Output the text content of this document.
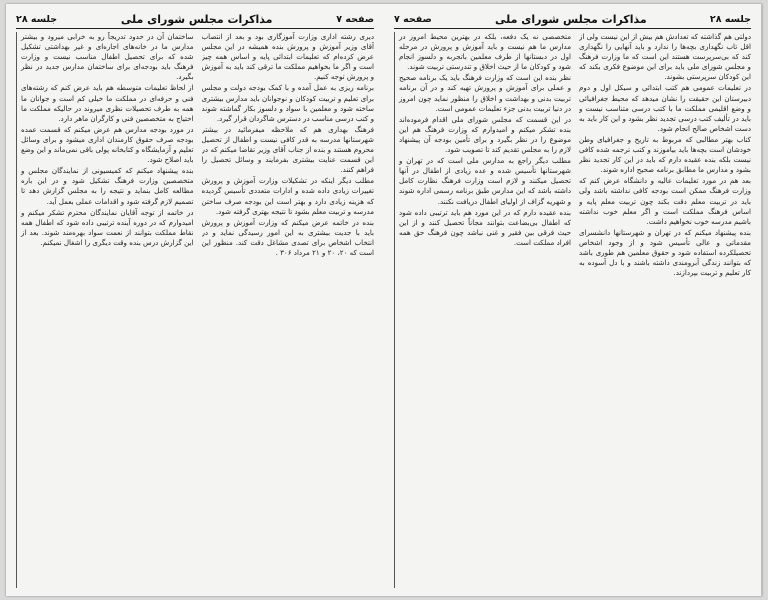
صفحه ۷
مذاکرات مجلس شورای ملی
جلسه ۲۸

دیری رشته اداری وزارت آموزگاری بود و بعد از انتصاب آقای وزیر آموزش و پرورش بنده همیشه در این مجلس عرض کرده‌ام که تعلیمات ابتدائی پایه و اساس همه چیز است و اگر ما بخواهیم مملکت ما ترقی کند باید به آموزش و پرورش توجه کنیم.

برنامه ریزی به عمل آمده و با کمک بودجه دولت و مجلس برای تعلیم و تربیت کودکان و نوجوانان باید مدارس بیشتری ساخته شود و معلمین با سواد و دلسوز بکار گماشته شوند و کتب درسی مناسب در دسترس شاگردان قرار گیرد.

فرهنگ بهداری هم که ملاحظه میفرمائید در بیشتر شهرستانها مدرسه به قدر کافی نیست و اطفال از تحصیل محروم هستند و بنده از جناب آقای وزیر تقاضا میکنم که در این قسمت عنایت بیشتری بفرمایند و وسائل تحصیل را فراهم کنند.

مطلب دیگر اینکه در تشکیلات وزارت آموزش و پرورش تغییرات زیادی داده شده و ادارات متعددی تأسیس گردیده که هزینه زیادی دارد و بهتر است این بودجه صرف ساختن مدرسه و تربیت معلم بشود تا نتیجه بهتری گرفته شود.

بنده در خاتمه عرض میکنم که وزارت آموزش و پرورش باید با جدیت بیشتری به این امور رسیدگی نماید و در انتخاب اشخاص برای تصدی مشاغل دقت کند. منظور این است که ۲۰، ۲۰ و ۲۱ مرداد ۳۰۶ .

ساختمان آن در حدود تدریجاً رو به خرابی میرود و بیشتر مدارس ما در خانه‌های اجاره‌ای و غیر بهداشتی تشکیل شده که برای تحصیل اطفال مناسب نیست و وزارت فرهنگ باید بودجه‌ای برای ساختمان مدارس جدید در نظر بگیرد.

از لحاظ تعلیمات متوسطه هم باید عرض کنم که رشته‌های فنی و حرفه‌ای در مملکت ما خیلی کم است و جوانان ما همه به طرف تحصیلات نظری میروند در حالیکه مملکت ما احتیاج به متخصصین فنی و کارگران ماهر دارد.

در مورد بودجه مدارس هم عرض میکنم که قسمت عمده بودجه صرف حقوق کارمندان اداری میشود و برای وسائل تعلیم و آزمایشگاه و کتابخانه پولی باقی نمی‌ماند و این وضع باید اصلاح شود.

بنده پیشنهاد میکنم که کمیسیونی از نمایندگان مجلس و متخصصین وزارت فرهنگ تشکیل شود و در این باره مطالعه کامل بنماید و نتیجه را به مجلس گزارش دهد تا تصمیم لازم گرفته شود و اقدامات عملی بعمل آید.

در خاتمه از توجه آقایان نمایندگان محترم تشکر میکنم و امیدوارم که در دوره آینده ترتیبی داده شود که اطفال همه نقاط مملکت بتوانند از نعمت سواد بهره‌مند شوند. بعد از این گزارش درس بنده وقت دیگری را اشغال نمیکنم.

جلسه ۲۸
مذاکرات مجلس شورای ملی
صفحه ۷

دولتی هم گذاشته که تعدادش هم بیش از این نیست ولی از اقل تاب نگهداری بچه‌ها را ندارد و باید آنهایی را نگهداری کند که بی‌سرپرست هستند این است که ما وزارت فرهنگ و مجلس شورای ملی باید برای این موضوع فکری بکند که این کودکان سرپرستی بشوند.

در تعلیمات عمومی هم کتب ابتدائی و سیکل اول و دوم دبیرستان این حقیقت را نشان میدهد که محیط جغرافیائی و وضع اقلیمی مملکت ما با کتب درسی متناسب نیست و باید در تألیف کتب درسی تجدید نظر بشود و این کار باید به دست اشخاص صالح انجام شود.

کتاب بهتر مطالبی که مربوط به تاریخ و جغرافیای وطن خودشان است بچه‌ها باید بیاموزند و کتب ترجمه شده کافی نیست بلکه بنده عقیده دارم که باید در این کار تجدید نظر بشود و مدارس ما مطابق برنامه صحیح اداره شوند.

بعد هم در مورد تعلیمات عالیه و دانشگاه عرض کنم که وزارت فرهنگ ممکن است بودجه کافی نداشته باشد ولی باید در تربیت معلم دقت بکند چون تربیت معلم پایه و اساس فرهنگ مملکت است و اگر معلم خوب نداشته باشیم مدرسه خوب نخواهیم داشت.

بنده پیشنهاد میکنم که در تهران و شهرستانها دانشسرای مقدماتی و عالی تأسیس شود و از وجود اشخاص تحصیلکرده استفاده شود و حقوق معلمین هم طوری باشد که بتوانند زندگی آبرومندی داشته باشند و با دل آسوده به کار تعلیم و تربیت بپردازند.

متخصصی نه یک دفعه، بلکه در بهترین محیط امروز در مدارس ما هم نیست و باید آموزش و پرورش در مرحله اول در دبستانها از طرف معلمین باتجربه و دلسوز انجام شود و کودکان ما از حیث اخلاق و تندرستی تربیت شوند.

نظر بنده این است که وزارت فرهنگ باید یک برنامه صحیح و عملی برای آموزش و پرورش تهیه کند و در آن برنامه تربیت بدنی و بهداشت و اخلاق را منظور نماید چون امروز در دنیا تربیت بدنی جزء تعلیمات عمومی است.

در این قسمت که مجلس شورای ملی اقدام فرموده‌اند بنده تشکر میکنم و امیدوارم که وزارت فرهنگ هم این موضوع را در نظر بگیرد و برای تأمین بودجه آن پیشنهاد لازم را به مجلس تقدیم کند تا تصویب شود.

مطلب دیگر راجع به مدارس ملی است که در تهران و شهرستانها تأسیس شده و عده زیادی از اطفال در آنها تحصیل میکنند و لازم است وزارت فرهنگ نظارت کامل داشته باشد که این مدارس طبق برنامه رسمی اداره شوند و شهریه گزاف از اولیای اطفال دریافت نکنند.

بنده عقیده دارم که در این مورد هم باید ترتیبی داده شود که اطفال بی‌بضاعت بتوانند مجاناً تحصیل کنند و از این حیث فرقی بین فقیر و غنی نباشد چون فرهنگ حق همه افراد مملکت است.
